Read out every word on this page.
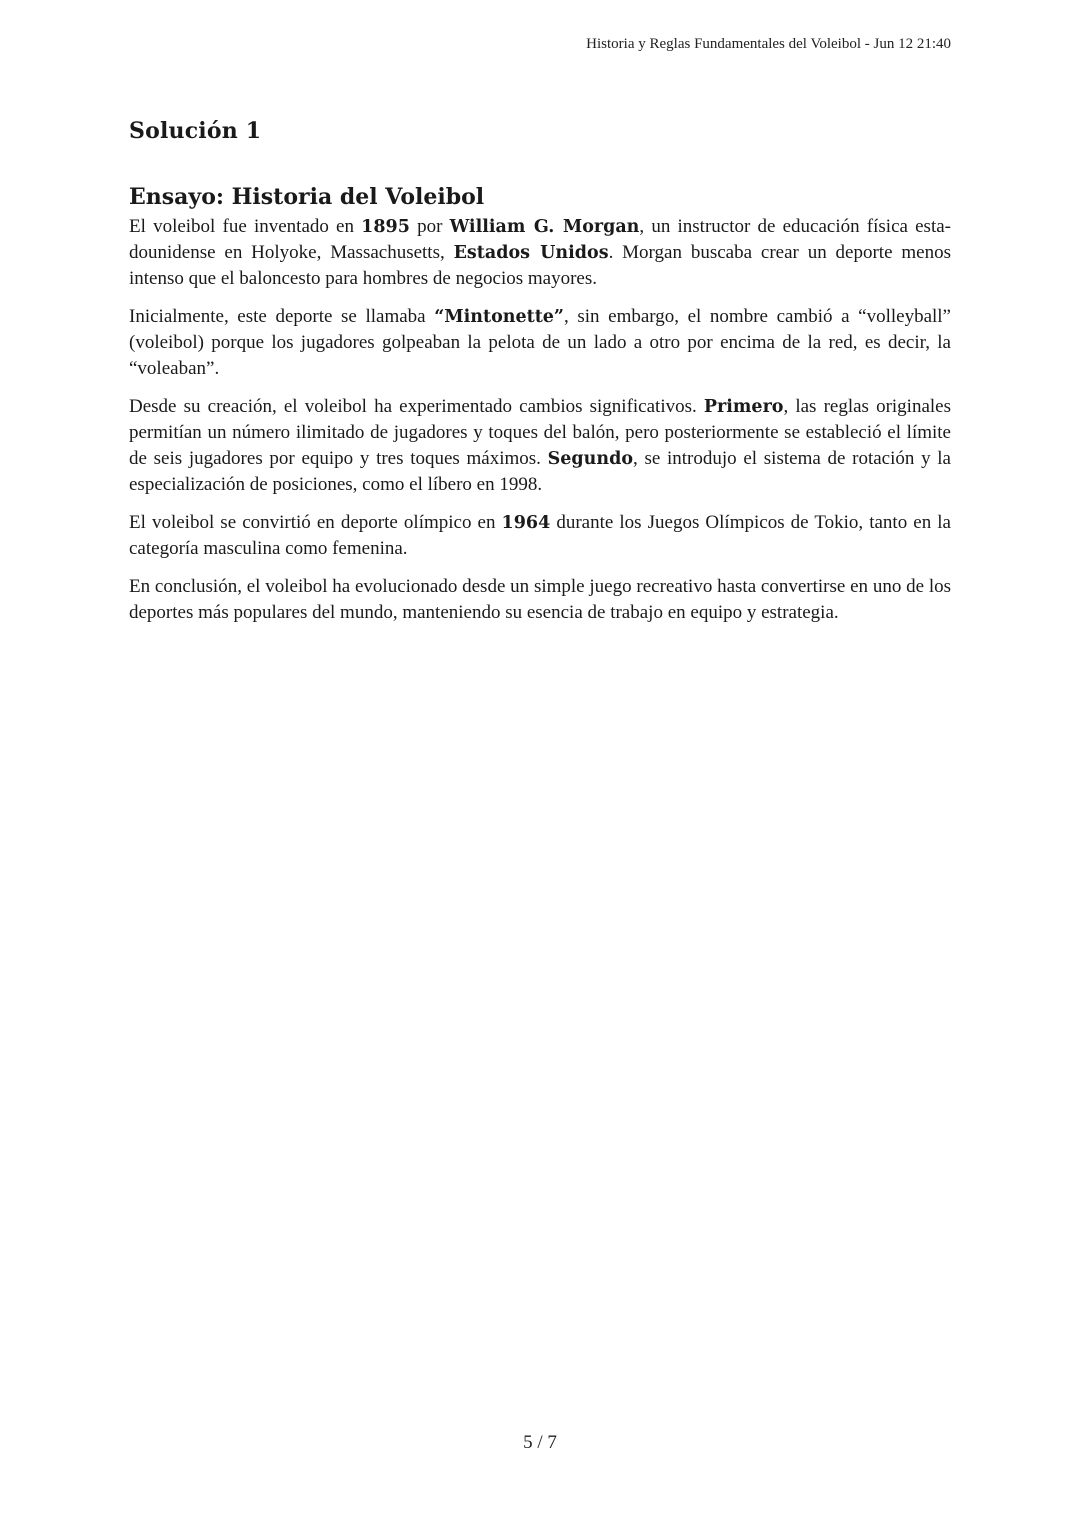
Historia y Reglas Fundamentales del Voleibol - Jun 12 21:40
Solución 1
Ensayo: Historia del Voleibol

El voleibol fue inventado en 1895 por William G. Morgan, un instructor de educación física estadounidense en Holyoke, Massachusetts, Estados Unidos. Morgan buscaba crear un deporte menos intenso que el baloncesto para hombres de negocios mayores.

Inicialmente, este deporte se llamaba “Mintonette”, sin embargo, el nombre cambió a “volleyball” (voleibol) porque los jugadores golpeaban la pelota de un lado a otro por encima de la red, es decir, la “voleaban”.

Desde su creación, el voleibol ha experimentado cambios significativos. Primero, las reglas originales permitían un número ilimitado de jugadores y toques del balón, pero posteriormente se estableció el límite de seis jugadores por equipo y tres toques máximos. Segundo, se introdujo el sistema de rotación y la especialización de posiciones, como el líbero en 1998.

El voleibol se convirtió en deporte olímpico en 1964 durante los Juegos Olímpicos de Tokio, tanto en la categoría masculina como femenina.

En conclusión, el voleibol ha evolucionado desde un simple juego recreativo hasta convertirse en uno de los deportes más populares del mundo, manteniendo su esencia de trabajo en equipo y estrategia.

5 / 7
